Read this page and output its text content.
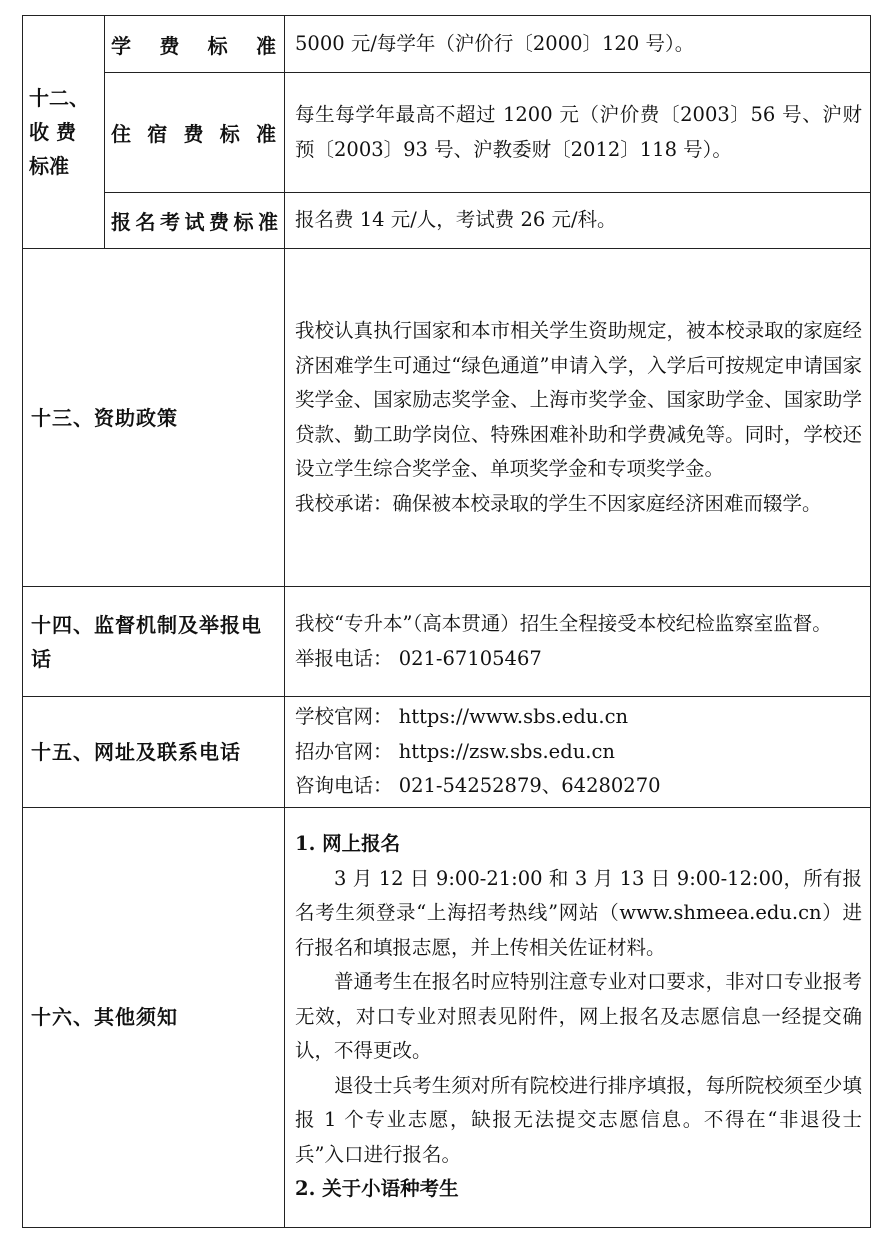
十二、
收 费
标准	学费标准	5000 元/每学年（沪价行〔2000〕120 号）。
	住宿费标准	每生每学年最高不超过 1200 元（沪价费〔2003〕56 号、沪财预〔2003〕93 号、沪教委财〔2012〕118 号）。
	报名考试费标准	报名费 14 元/人，考试费 26 元/科。
十三、资助政策		我校认真执行国家和本市相关学生资助规定，被本校录取的家庭经济困难学生可通过“绿色通道”申请入学，入学后可按规定申请国家奖学金、国家励志奖学金、上海市奖学金、国家助学金、国家助学贷款、勤工助学岗位、特殊困难补助和学费减免等。同时，学校还设立学生综合奖学金、单项奖学金和专项奖学金。

我校承诺：确保被本校录取的学生不因家庭经济困难而辍学。

十四、监督机制及举报电话		我校“专升本”（高本贯通）招生全程接受本校纪检监察室监督。

举报电话： 021-67105467

十五、网址及联系电话		学校官网： https://www.sbs.edu.cn

招办官网： https://zsw.sbs.edu.cn

咨询电话： 021-54252879、64280270

十六、其他须知		1. 网上报名

3 月 12 日 9:00-21:00 和 3 月 13 日 9:00-12:00，所有报名考生须登录“上海招考热线”网站（www.shmeea.edu.cn）进行报名和填报志愿，并上传相关佐证材料。

普通考生在报名时应特别注意专业对口要求，非对口专业报考无效，对口专业对照表见附件，网上报名及志愿信息一经提交确认，不得更改。

退役士兵考生须对所有院校进行排序填报，每所院校须至少填报 1 个专业志愿，缺报无法提交志愿信息。不得在“非退役士兵”入口进行报名。

2. 关于小语种考生
